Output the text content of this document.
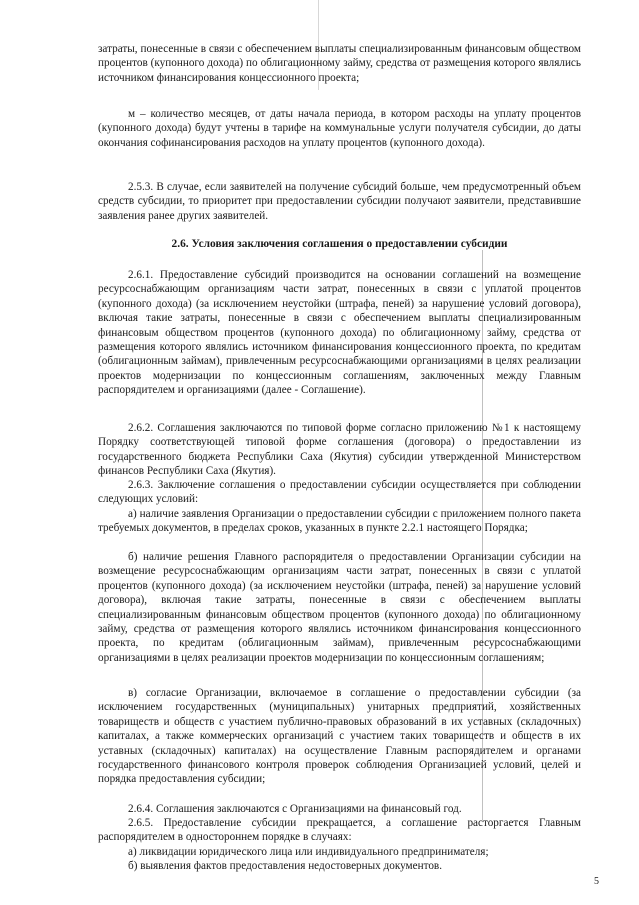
затраты, понесенные в связи с обеспечением выплаты специализированным финансовым обществом процентов (купонного дохода) по облигационному займу, средства от размещения которого являлись источником финансирования концессионного проекта;

м – количество месяцев, от даты начала периода, в котором расходы на уплату процентов (купонного дохода) будут учтены в тарифе на коммунальные услуги получателя субсидии, до даты окончания софинансирования расходов на уплату процентов (купонного дохода).

2.5.3. В случае, если заявителей на получение субсидий больше, чем предусмотренный объем средств субсидии, то приоритет при предоставлении субсидии получают заявители, представившие заявления ранее других заявителей.

2.6. Условия заключения соглашения о предоставлении субсидии

2.6.1. Предоставление субсидий производится на основании соглашений на возмещение ресурсоснабжающим организациям части затрат, понесенных в связи с уплатой процентов (купонного дохода) (за исключением неустойки (штрафа, пеней) за нарушение условий договора), включая такие затраты, понесенные в связи с обеспечением выплаты специализированным финансовым обществом процентов (купонного дохода) по облигационному займу, средства от размещения которого являлись источником финансирования концессионного проекта, по кредитам (облигационным займам), привлеченным ресурсоснабжающими организациями в целях реализации проектов модернизации по концессионным соглашениям, заключенных между Главным распорядителем и организациями (далее - Соглашение).

2.6.2. Соглашения заключаются по типовой форме согласно приложению №1 к настоящему Порядку соответствующей типовой форме соглашения (договора) о предоставлении из государственного бюджета Республики Саха (Якутия) субсидии утвержденной Министерством финансов Республики Саха (Якутия).

2.6.3. Заключение соглашения о предоставлении субсидии осуществляется при соблюдении следующих условий:

а) наличие заявления Организации о предоставлении субсидии с приложением полного пакета требуемых документов, в пределах сроков, указанных в пункте 2.2.1 настоящего Порядка;

б) наличие решения Главного распорядителя о предоставлении Организации субсидии на возмещение ресурсоснабжающим организациям части затрат, понесенных в связи с уплатой процентов (купонного дохода) (за исключением неустойки (штрафа, пеней) за нарушение условий договора), включая такие затраты, понесенные в связи с обеспечением выплаты специализированным финансовым обществом процентов (купонного дохода) по облигационному займу, средства от размещения которого являлись источником финансирования концессионного проекта, по кредитам (облигационным займам), привлеченным ресурсоснабжающими организациями в целях реализации проектов модернизации по концессионным соглашениям;

в) согласие Организации, включаемое в соглашение о предоставлении субсидии (за исключением государственных (муниципальных) унитарных предприятий, хозяйственных товариществ и обществ с участием публично-правовых образований в их уставных (складочных) капиталах, а также коммерческих организаций с участием таких товариществ и обществ в их уставных (складочных) капиталах) на осуществление Главным распорядителем и органами государственного финансового контроля проверок соблюдения Организацией условий, целей и порядка предоставления субсидии;

2.6.4. Соглашения заключаются с Организациями на финансовый год.

2.6.5. Предоставление субсидии прекращается, а соглашение расторгается Главным распорядителем в одностороннем порядке в случаях:

а) ликвидации юридического лица или индивидуального предпринимателя;

б) выявления фактов предоставления недостоверных документов.

5
